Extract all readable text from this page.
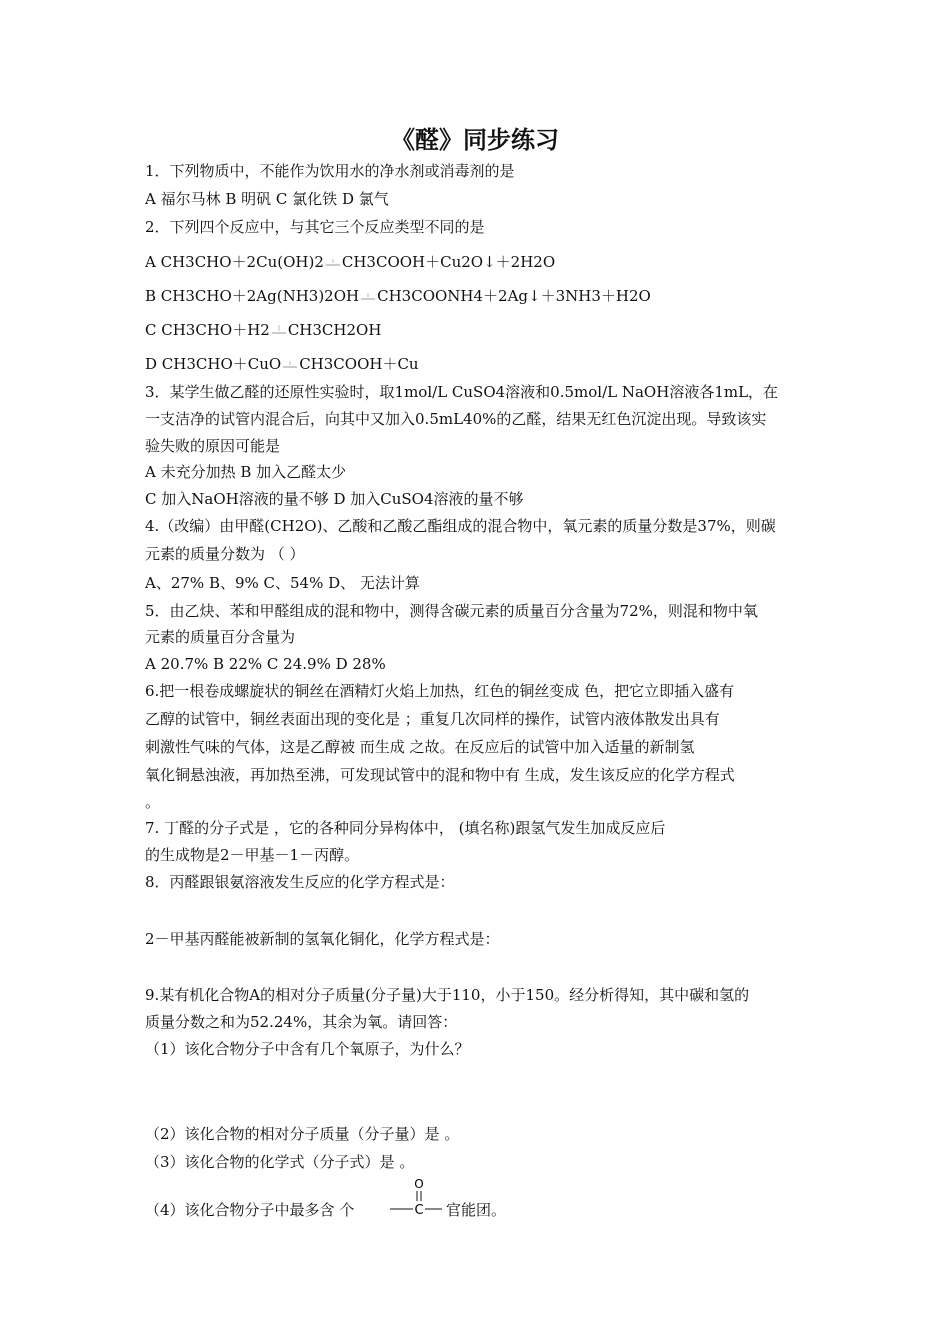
《醛》同步练习
1．下列物质中，不能作为饮用水的净水剂或消毒剂的是
A 福尔马林 B 明矾 C 氯化铁 D 氯气
2．下列四个反应中，与其它三个反应类型不同的是
A CH3CHO＋2Cu(OH)2 CH3COOH＋Cu2O↓＋2H2O
B CH3CHO＋2Ag(NH3)2OH CH3COONH4＋2Ag↓＋3NH3＋H2O
C CH3CHO＋H2 CH3CH2OH
D CH3CHO＋CuO CH3COOH＋Cu
3．某学生做乙醛的还原性实验时，取1mol/L CuSO4溶液和0.5mol/L NaOH溶液各1mL，在
一支洁净的试管内混合后，向其中又加入0.5mL40%的乙醛，结果无红色沉淀出现。导致该实
验失败的原因可能是
A 未充分加热 B 加入乙醛太少
C 加入NaOH溶液的量不够 D 加入CuSO4溶液的量不够
4.（改编）由甲醛(CH2O)、乙酸和乙酸乙酯组成的混合物中，氧元素的质量分数是37%，则碳
元素的质量分数为 （ ）
A、27% B、9% C、54% D、 无法计算
5．由乙炔、苯和甲醛组成的混和物中，测得含碳元素的质量百分含量为72%，则混和物中氧
元素的质量百分含量为
A 20.7% B 22% C 24.9% D 28%
6.把一根卷成螺旋状的铜丝在酒精灯火焰上加热，红色的铜丝变成 色，把它立即插入盛有
乙醇的试管中，铜丝表面出现的变化是 ；重复几次同样的操作，试管内液体散发出具有
刺激性气味的气体，这是乙醇被 而生成 之故。在反应后的试管中加入适量的新制氢
氧化铜悬浊液，再加热至沸，可发现试管中的混和物中有 生成，发生该反应的化学方程式
。
7. 丁醛的分子式是 ，它的各种同分异构体中， (填名称)跟氢气发生加成反应后
的生成物是2－甲基－1－丙醇。
8．丙醛跟银氨溶液发生反应的化学方程式是：
2－甲基丙醛能被新制的氢氧化铜化，化学方程式是：
9.某有机化合物A的相对分子质量(分子量)大于110，小于150。经分析得知，其中碳和氢的
质量分数之和为52.24%，其余为氧。请回答：
（1）该化合物分子中含有几个氧原子，为什么？
（2）该化合物的相对分子质量（分子量）是 。
（3）该化合物的化学式（分子式）是 。
（4）该化合物分子中最多含 个
O
C 官能团。
